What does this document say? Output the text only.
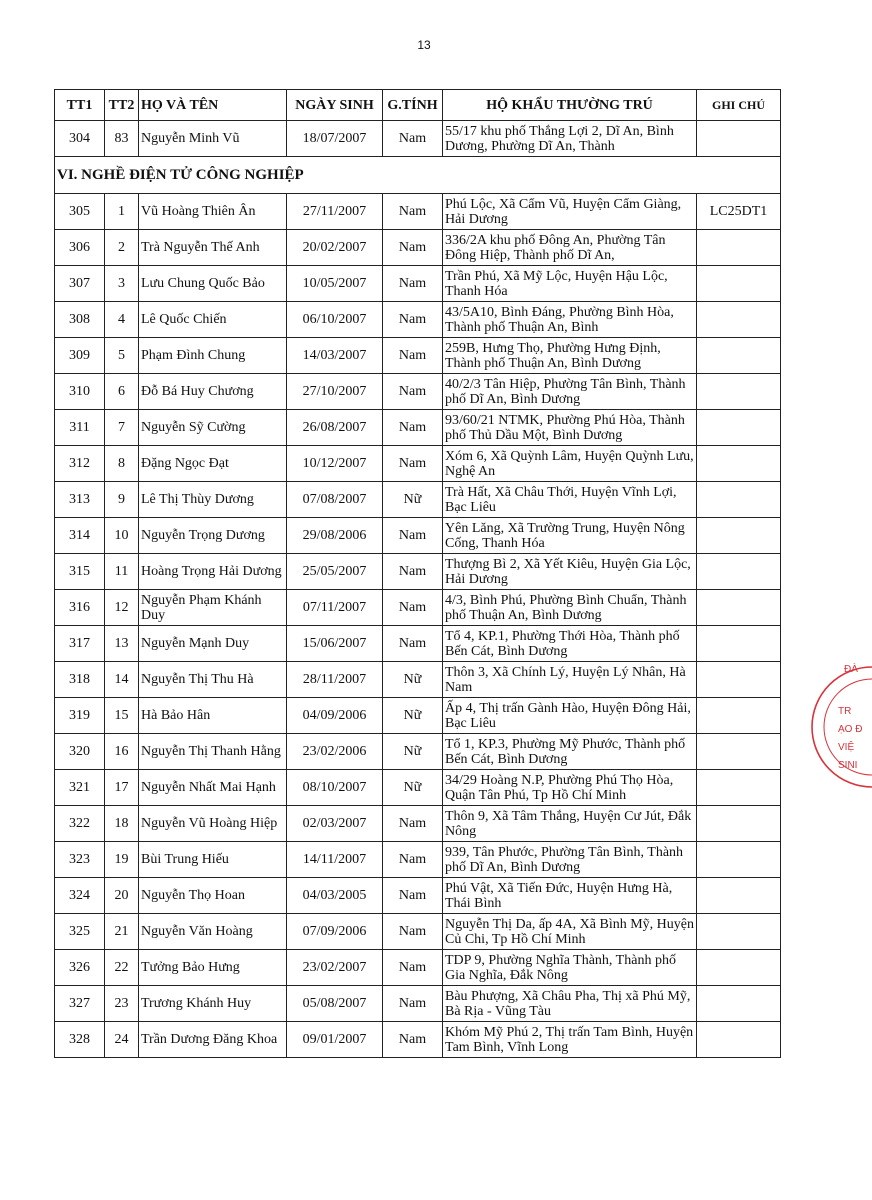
13
TT1	TT2	HỌ VÀ TÊN	NGÀY SINH	G.TÍNH	HỘ KHẨU THƯỜNG TRÚ	GHI CHÚ
304	83	Nguyễn Minh Vũ	18/07/2007	Nam	55/17 khu phố Thắng Lợi 2, Dĩ An, Bình Dương, Phường Dĩ An, Thành	
VI. NGHỀ ĐIỆN TỬ CÔNG NGHIỆP						
305	1	Vũ Hoàng Thiên Ân	27/11/2007	Nam	Phú Lộc, Xã Cẩm Vũ, Huyện Cẩm Giàng, Hải Dương	LC25DT1
306	2	Trà Nguyễn Thế Anh	20/02/2007	Nam	336/2A khu phố Đông An, Phường Tân Đông Hiệp, Thành phố Dĩ An,	
307	3	Lưu Chung Quốc Bảo	10/05/2007	Nam	Trần Phú, Xã Mỹ Lộc, Huyện Hậu Lộc, Thanh Hóa	
308	4	Lê Quốc Chiến	06/10/2007	Nam	43/5A10, Bình Đáng, Phường Bình Hòa, Thành phố Thuận An, Bình	
309	5	Phạm Đình Chung	14/03/2007	Nam	259B, Hưng Thọ, Phường Hưng Định, Thành phố Thuận An, Bình Dương	
310	6	Đỗ Bá Huy Chương	27/10/2007	Nam	40/2/3 Tân Hiệp, Phường Tân Bình, Thành phố Dĩ An, Bình Dương	
311	7	Nguyễn Sỹ Cường	26/08/2007	Nam	93/60/21 NTMK, Phường Phú Hòa, Thành phố Thủ Dầu Một, Bình Dương	
312	8	Đặng Ngọc Đạt	10/12/2007	Nam	Xóm 6, Xã Quỳnh Lâm, Huyện Quỳnh Lưu, Nghệ An	
313	9	Lê Thị Thùy Dương	07/08/2007	Nữ	Trà Hất, Xã Châu Thới, Huyện Vĩnh Lợi, Bạc Liêu	
314	10	Nguyễn Trọng Dương	29/08/2006	Nam	Yên Lăng, Xã Trường Trung, Huyện Nông Cống, Thanh Hóa	
315	11	Hoàng Trọng Hải Dương	25/05/2007	Nam	Thượng Bì 2, Xã Yết Kiêu, Huyện Gia Lộc, Hải Dương	
316	12	Nguyễn Phạm Khánh Duy	07/11/2007	Nam	4/3, Bình Phú, Phường Bình Chuẩn, Thành phố Thuận An, Bình Dương	
317	13	Nguyễn Mạnh Duy	15/06/2007	Nam	Tổ 4, KP.1, Phường Thới Hòa, Thành phố Bến Cát, Bình Dương	
318	14	Nguyễn Thị Thu Hà	28/11/2007	Nữ	Thôn 3, Xã Chính Lý, Huyện Lý Nhân, Hà Nam	
319	15	Hà Bảo Hân	04/09/2006	Nữ	Ấp 4, Thị trấn Gành Hào, Huyện Đông Hải, Bạc Liêu	
320	16	Nguyễn Thị Thanh Hằng	23/02/2006	Nữ	Tổ 1, KP.3, Phường Mỹ Phước, Thành phố Bến Cát, Bình Dương	
321	17	Nguyễn Nhất Mai Hạnh	08/10/2007	Nữ	34/29 Hoàng N.P, Phường Phú Thọ Hòa, Quận Tân Phú, Tp Hồ Chí Minh	
322	18	Nguyễn Vũ Hoàng Hiệp	02/03/2007	Nam	Thôn 9, Xã Tâm Thắng, Huyện Cư Jút, Đắk Nông	
323	19	Bùi Trung Hiếu	14/11/2007	Nam	939, Tân Phước, Phường Tân Bình, Thành phố Dĩ An, Bình Dương	
324	20	Nguyễn Thọ Hoan	04/03/2005	Nam	Phú Vật, Xã Tiến Đức, Huyện Hưng Hà, Thái Bình	
325	21	Nguyễn Văn Hoàng	07/09/2006	Nam	Nguyễn Thị Da, ấp 4A, Xã Bình Mỹ, Huyện Củ Chi, Tp Hồ Chí Minh	
326	22	Tưởng Bảo Hưng	23/02/2007	Nam	TDP 9, Phường Nghĩa Thành, Thành phố Gia Nghĩa, Đắk Nông	
327	23	Trương Khánh Huy	05/08/2007	Nam	Bàu Phượng, Xã Châu Pha, Thị xã Phú Mỹ, Bà Rịa - Vũng Tàu	
328	24	Trần Dương Đăng Khoa	09/01/2007	Nam	Khóm Mỹ Phú 2, Thị trấn Tam Bình, Huyện Tam Bình, Vĩnh Long	
ĐÀ
TR
ẠO Đ
VIỆ
SINI
